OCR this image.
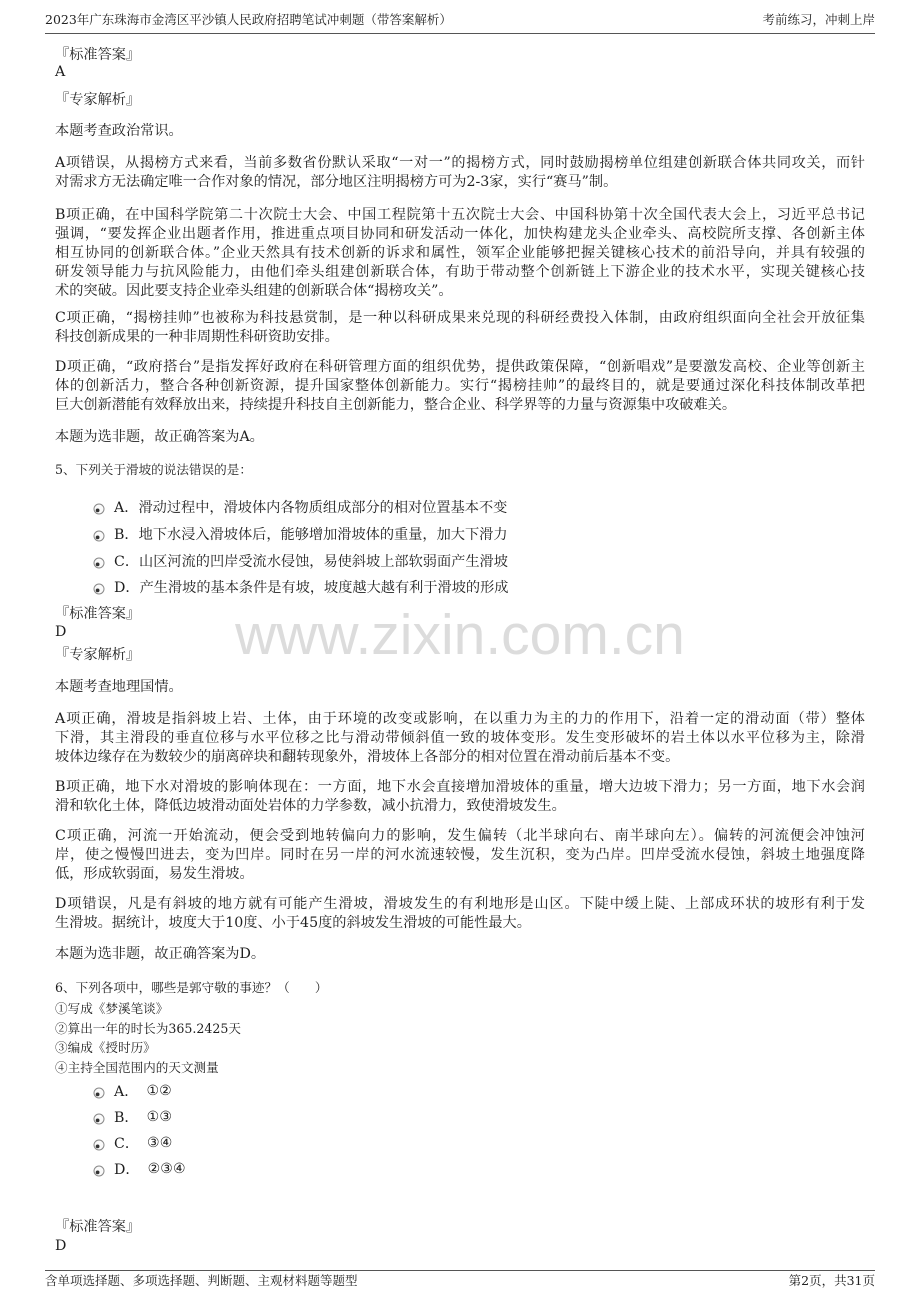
www.zixin.com.cn
2023年广东珠海市金湾区平沙镇人民政府招聘笔试冲刺题（带答案解析）	考前练习，冲刺上岸
『标准答案』
A
『专家解析』
本题考查政治常识。
A项错误，从揭榜方式来看，当前多数省份默认采取“一对一”的揭榜方式，同时鼓励揭榜单位组建创新联合体共同攻关，而针
对需求方无法确定唯一合作对象的情况，部分地区注明揭榜方可为2-3家，实行“赛马”制。
B项正确，在中国科学院第二十次院士大会、中国工程院第十五次院士大会、中国科协第十次全国代表大会上，习近平总书记
强调，“要发挥企业出题者作用，推进重点项目协同和研发活动一体化，加快构建龙头企业牵头、高校院所支撑、各创新主体
相互协同的创新联合体。”企业天然具有技术创新的诉求和属性，领军企业能够把握关键核心技术的前沿导向，并具有较强的
研发领导能力与抗风险能力，由他们牵头组建创新联合体，有助于带动整个创新链上下游企业的技术水平，实现关键核心技
术的突破。因此要支持企业牵头组建的创新联合体“揭榜攻关”。
C项正确，“揭榜挂帅”也被称为科技悬赏制，是一种以科研成果来兑现的科研经费投入体制，由政府组织面向全社会开放征集
科技创新成果的一种非周期性科研资助安排。
D项正确，“政府搭台”是指发挥好政府在科研管理方面的组织优势，提供政策保障，“创新唱戏”是要激发高校、企业等创新主
体的创新活力，整合各种创新资源，提升国家整体创新能力。实行“揭榜挂帅”的最终目的，就是要通过深化科技体制改革把
巨大创新潜能有效释放出来，持续提升科技自主创新能力，整合企业、科学界等的力量与资源集中攻破难关。
本题为选非题，故正确答案为A。
5、下列关于滑坡的说法错误的是：
A． 滑动过程中，滑坡体内各物质组成部分的相对位置基本不变
B． 地下水浸入滑坡体后，能够增加滑坡体的重量，加大下滑力
C． 山区河流的凹岸受流水侵蚀，易使斜坡上部软弱面产生滑坡
D． 产生滑坡的基本条件是有坡，坡度越大越有利于滑坡的形成
『标准答案』
D
『专家解析』
本题考查地理国情。
A项正确，滑坡是指斜坡上岩、土体，由于环境的改变或影响，在以重力为主的力的作用下，沿着一定的滑动面（带）整体
下滑，其主滑段的垂直位移与水平位移之比与滑动带倾斜值一致的坡体变形。发生变形破坏的岩土体以水平位移为主，除滑
坡体边缘存在为数较少的崩离碎块和翻转现象外，滑坡体上各部分的相对位置在滑动前后基本不变。
B项正确，地下水对滑坡的影响体现在：一方面，地下水会直接增加滑坡体的重量，增大边坡下滑力；另一方面，地下水会润
滑和软化土体，降低边坡滑动面处岩体的力学参数，减小抗滑力，致使滑坡发生。
C项正确，河流一开始流动，便会受到地转偏向力的影响，发生偏转（北半球向右、南半球向左）。偏转的河流便会冲蚀河
岸，使之慢慢凹进去，变为凹岸。同时在另一岸的河水流速较慢，发生沉积，变为凸岸。凹岸受流水侵蚀，斜坡土地强度降
低，形成软弱面，易发生滑坡。
D项错误，凡是有斜坡的地方就有可能产生滑坡，滑坡发生的有利地形是山区。下陡中缓上陡、上部成环状的坡形有利于发
生滑坡。据统计，坡度大于10度、小于45度的斜坡发生滑坡的可能性最大。
本题为选非题，故正确答案为D。
6、下列各项中，哪些是郭守敬的事迹？（　　）
①写成《梦溪笔谈》
②算出一年的时长为365.2425天
③编成《授时历》
④主持全国范围内的天文测量
A． ①②
B． ①③
C． ③④
D． ②③④
『标准答案』
D
含单项选择题、多项选择题、判断题、主观材料题等题型	第2页，共31页
